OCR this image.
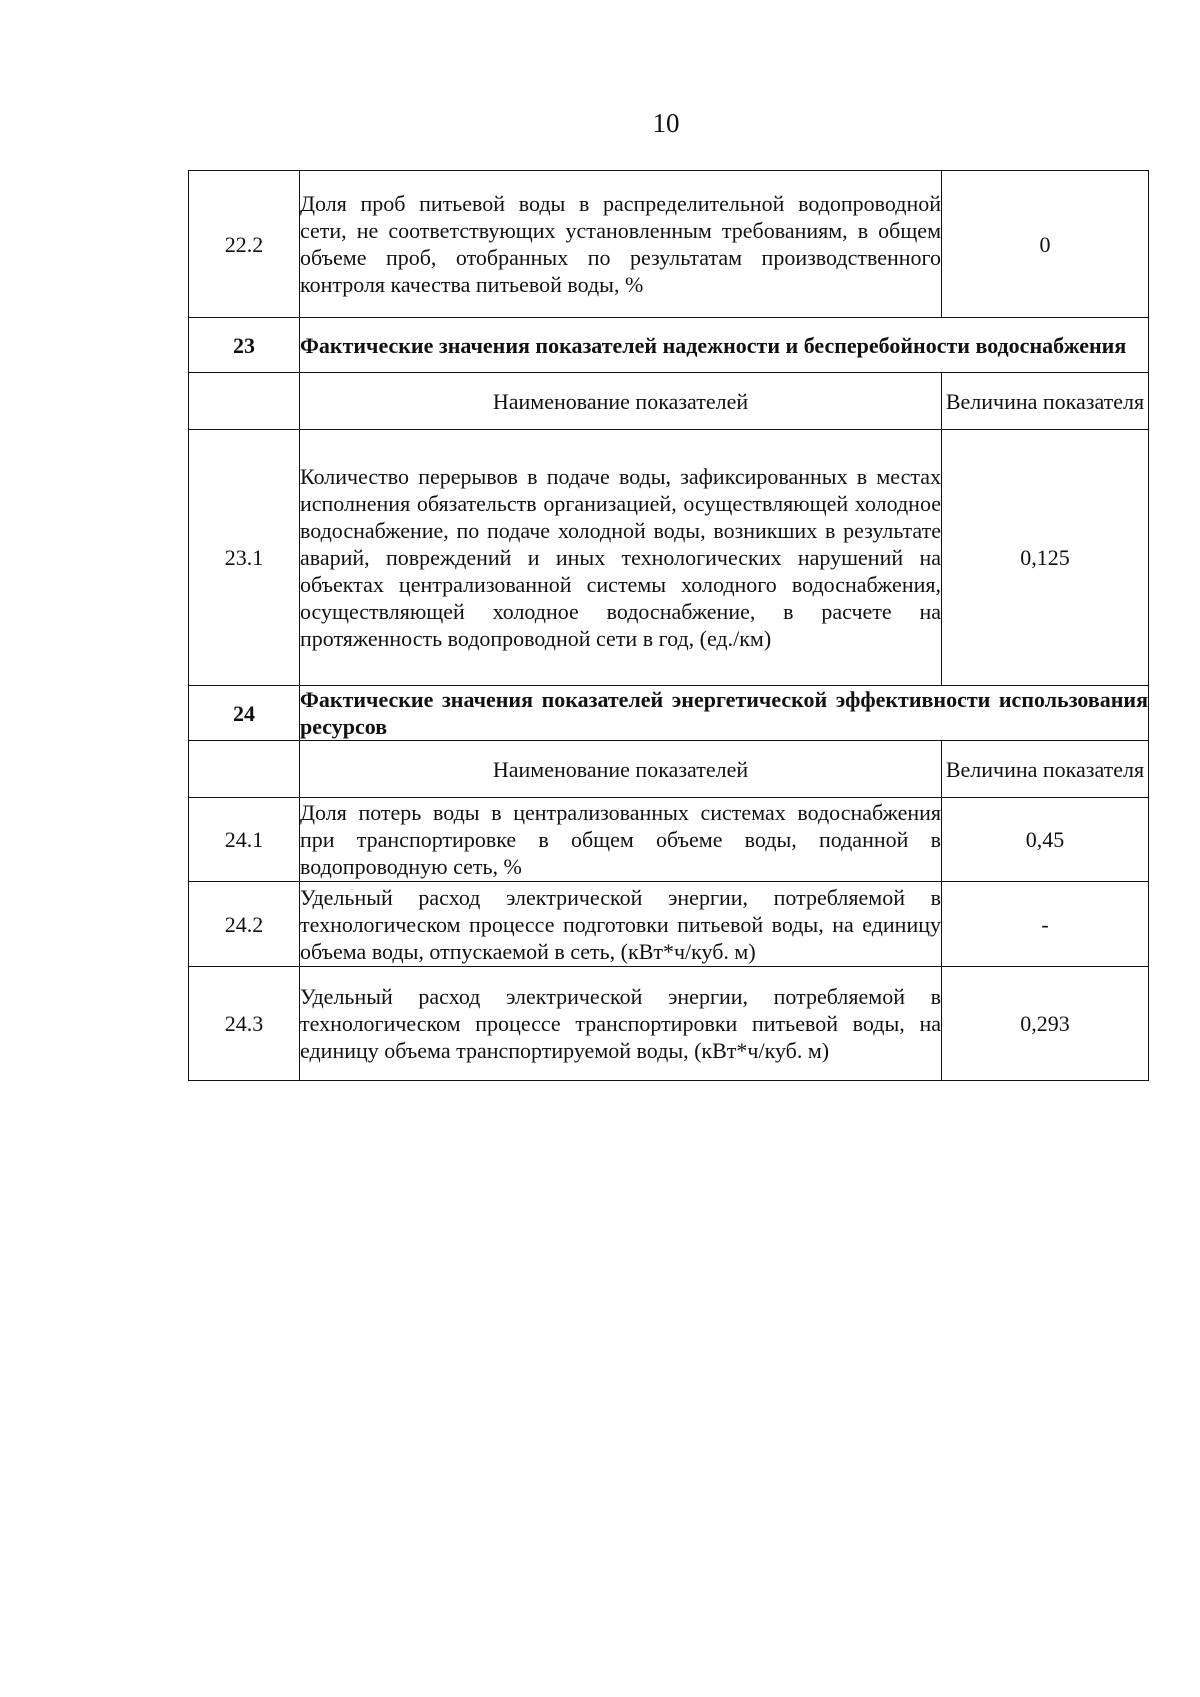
10
22.2	Доля проб питьевой воды в распределительной водопроводной сети, не соответствующих установленным требованиям, в общем объеме проб, отобранных по результатам производственного контроля качества питьевой воды, %	0
23	Фактические значения показателей надежности и бесперебойности водоснабжения	
	Наименование показателей	Величина показателя
23.1	Количество перерывов в подаче воды, зафиксированных в местах исполнения обязательств организацией, осуществляющей холодное водоснабжение, по подаче холодной воды, возникших в результате аварий, повреждений и иных технологических нарушений на объектах централизованной системы холодного водоснабжения, осуществляющей холодное водоснабжение, в расчете на протяженность водопроводной сети в год, (ед./км)	0,125
24	Фактические значения показателей энергетической эффективности использования ресурсов	
	Наименование показателей	Величина показателя
24.1	Доля потерь воды в централизованных системах водоснабжения при транспортировке в общем объеме воды, поданной в водопроводную сеть, %	0,45
24.2	Удельный расход электрической энергии, потребляемой в технологическом процессе подготовки питьевой воды, на единицу объема воды, отпускаемой в сеть, (кВт*ч/куб. м)	-
24.3	Удельный расход электрической энергии, потребляемой в технологическом процессе транспортировки питьевой воды, на единицу объема транспортируемой воды, (кВт*ч/куб. м)	0,293
